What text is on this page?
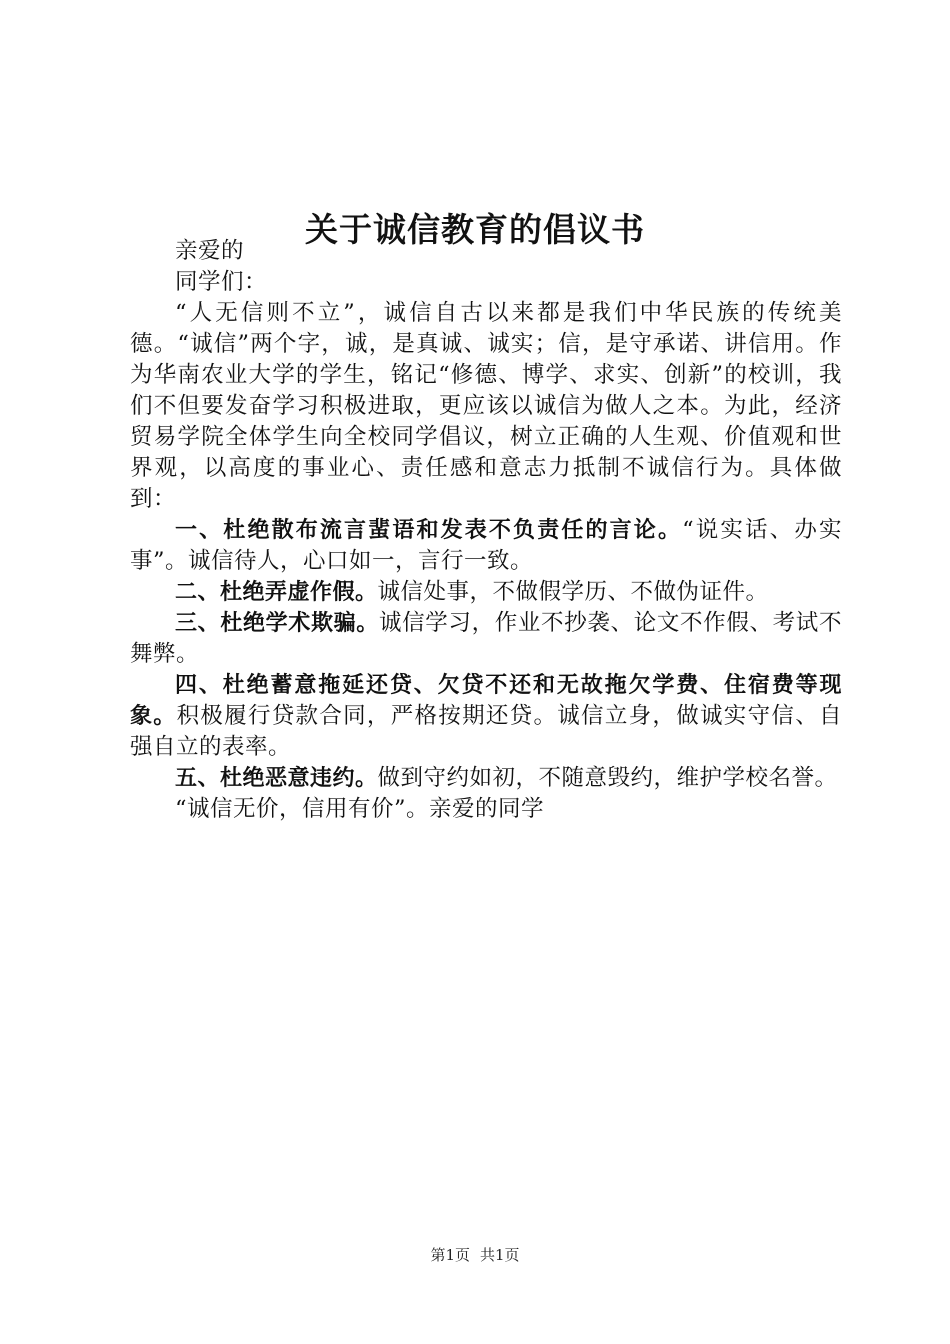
关于诚信教育的倡议书

亲爱的

同学们：

“人无信则不立”，诚信自古以来都是我们中华民族的传统美德。“诚信”两个字，诚，是真诚、诚实；信，是守承诺、讲信用。作为华南农业大学的学生，铭记“修德、博学、求实、创新”的校训，我们不但要发奋学习积极进取，更应该以诚信为做人之本。为此，经济贸易学院全体学生向全校同学倡议，树立正确的人生观、价值观和世界观，以高度的事业心、责任感和意志力抵制不诚信行为。具体做到：

一、杜绝散布流言蜚语和发表不负责任的言论。“说实话、办实事”。诚信待人，心口如一，言行一致。

二、杜绝弄虚作假。诚信处事，不做假学历、不做伪证件。

三、杜绝学术欺骗。诚信学习，作业不抄袭、论文不作假、考试不舞弊。

四、杜绝蓄意拖延还贷、欠贷不还和无故拖欠学费、住宿费等现象。积极履行贷款合同，严格按期还贷。诚信立身，做诚实守信、自强自立的表率。

五、杜绝恶意违约。做到守约如初，不随意毁约，维护学校名誉。

“诚信无价，信用有价”。亲爱的同学

第1页 共1页
